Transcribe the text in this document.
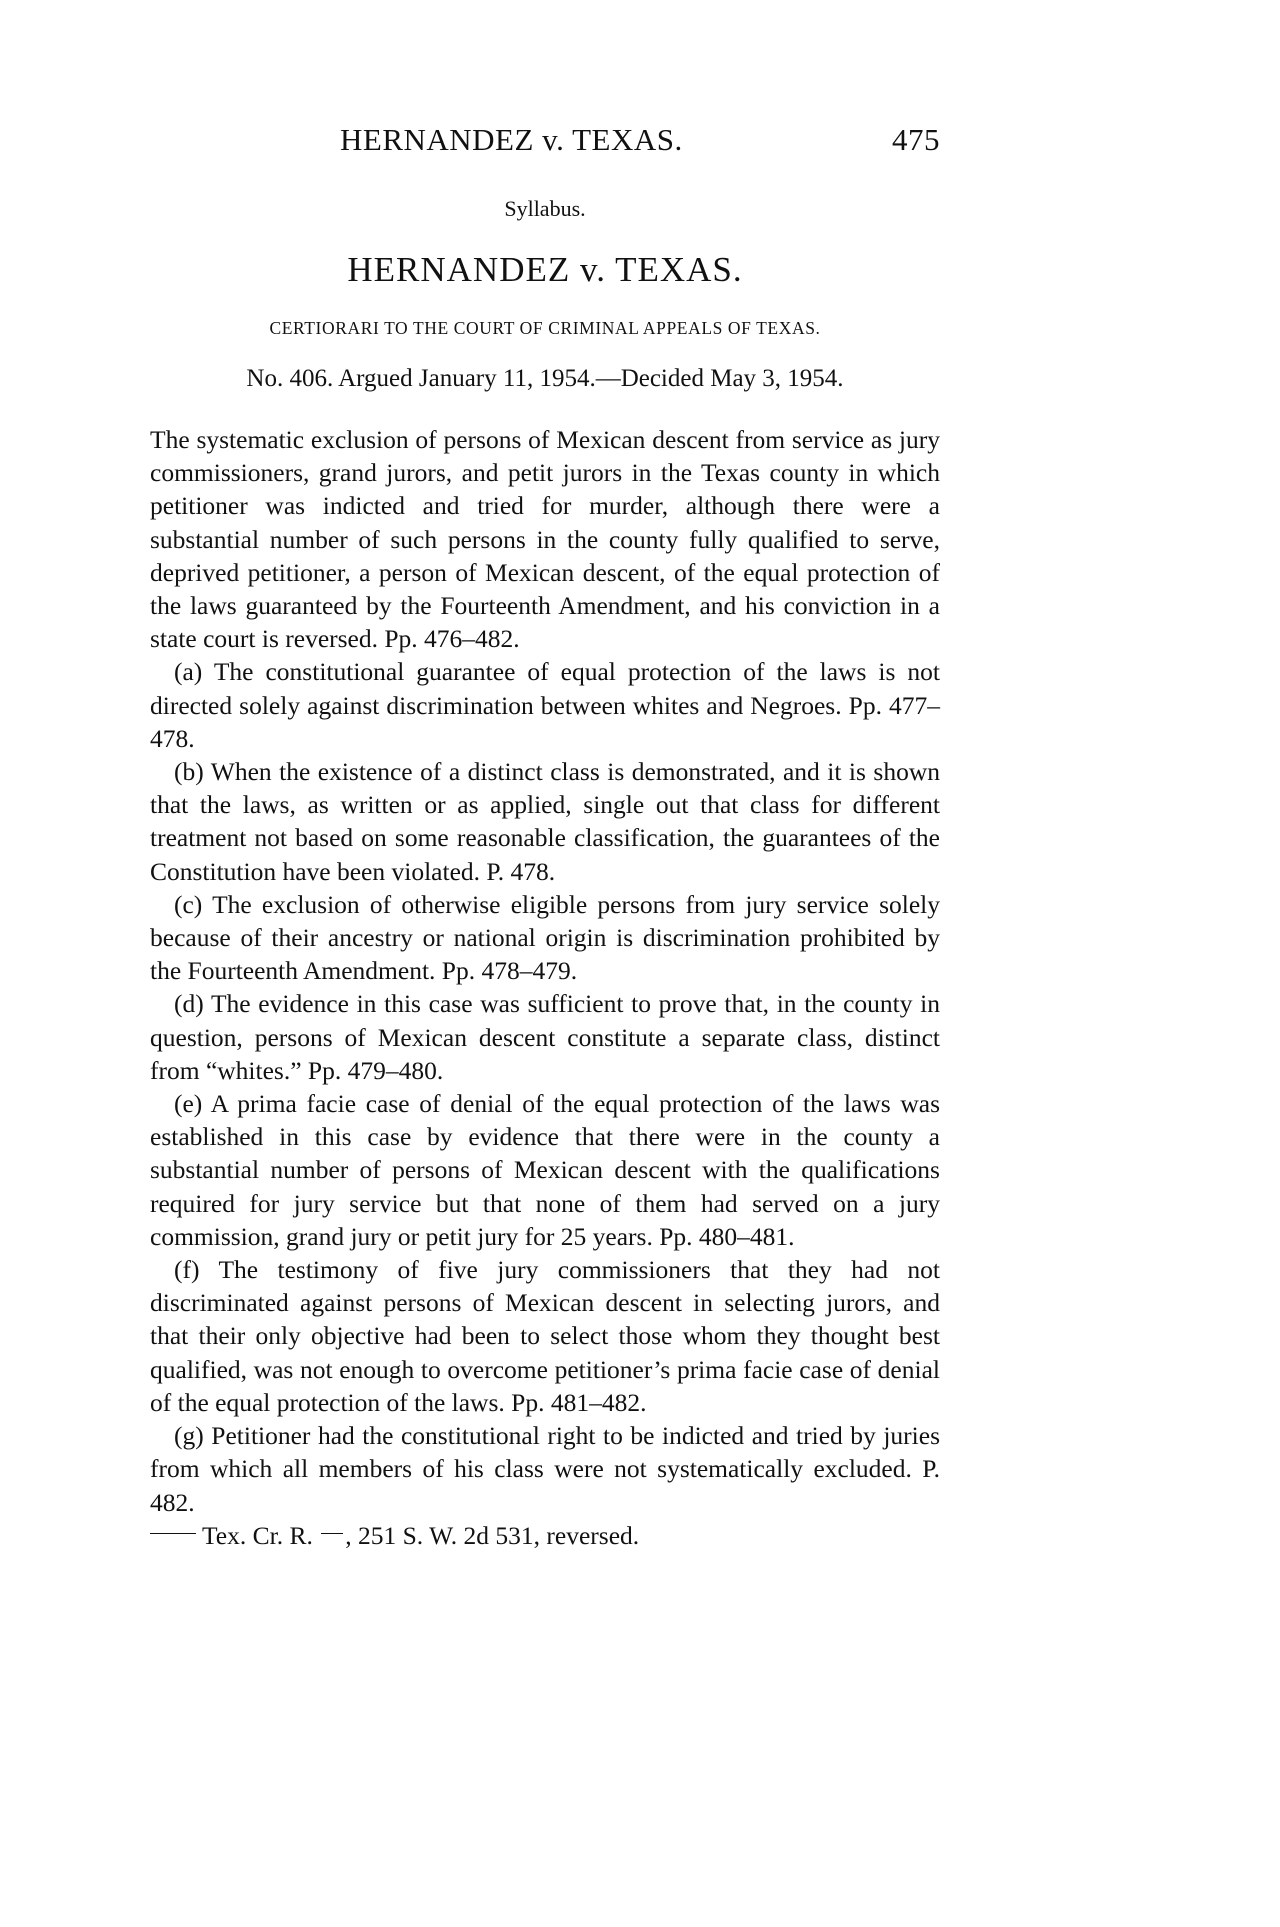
HERNANDEZ v. TEXAS.	475
Syllabus.
HERNANDEZ v. TEXAS.
CERTIORARI TO THE COURT OF CRIMINAL APPEALS OF TEXAS.
No. 406. Argued January 11, 1954.—Decided May 3, 1954.

The systematic exclusion of persons of Mexican descent from service as jury commissioners, grand jurors, and petit jurors in the Texas county in which petitioner was indicted and tried for murder, although there were a substantial number of such persons in the county fully qualified to serve, deprived petitioner, a person of Mexican descent, of the equal protection of the laws guaranteed by the Fourteenth Amendment, and his conviction in a state court is reversed. Pp. 476–482.

(a) The constitutional guarantee of equal protection of the laws is not directed solely against discrimination between whites and Negroes. Pp. 477–478.

(b) When the existence of a distinct class is demonstrated, and it is shown that the laws, as written or as applied, single out that class for different treatment not based on some reasonable classification, the guarantees of the Constitution have been violated. P. 478.

(c) The exclusion of otherwise eligible persons from jury service solely because of their ancestry or national origin is discrimination prohibited by the Fourteenth Amendment. Pp. 478–479.

(d) The evidence in this case was sufficient to prove that, in the county in question, persons of Mexican descent constitute a separate class, distinct from “whites.” Pp. 479–480.

(e) A prima facie case of denial of the equal protection of the laws was established in this case by evidence that there were in the county a substantial number of persons of Mexican descent with the qualifications required for jury service but that none of them had served on a jury commission, grand jury or petit jury for 25 years. Pp. 480–481.

(f) The testimony of five jury commissioners that they had not discriminated against persons of Mexican descent in selecting jurors, and that their only objective had been to select those whom they thought best qualified, was not enough to overcome petitioner’s prima facie case of denial of the equal protection of the laws. Pp. 481–482.

(g) Petitioner had the constitutional right to be indicted and tried by juries from which all members of his class were not systematically excluded. P. 482.

Tex. Cr. R. , 251 S. W. 2d 531, reversed.
